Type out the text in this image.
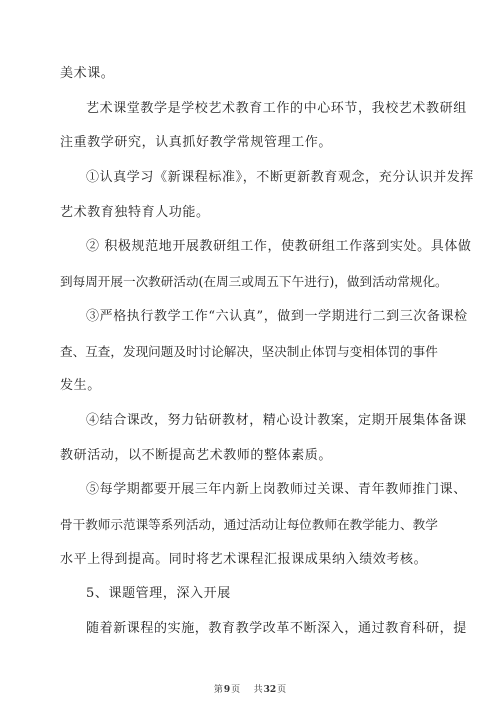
美术课。
艺术课堂教学是学校艺术教育工作的中心环节，我校艺术教研组
注重教学研究，认真抓好教学常规管理工作。
①认真学习《新课程标准》，不断更新教育观念，充分认识并发挥
艺术教育独特育人功能。
② 积极规范地开展教研组工作，使教研组工作落到实处。具体做
到每周开展一次教研活动(在周三或周五下午进行)，做到活动常规化。
③严格执行教学工作“六认真”，做到一学期进行二到三次备课检
查、互查，发现问题及时讨论解决，坚决制止体罚与变相体罚的事件
发生。
④结合课改，努力钻研教材，精心设计教案，定期开展集体备课
教研活动，以不断提高艺术教师的整体素质。
⑤每学期都要开展三年内新上岗教师过关课、青年教师推门课、
骨干教师示范课等系列活动，通过活动让每位教师在教学能力、教学
水平上得到提高。同时将艺术课程汇报课成果纳入绩效考核。
5、课题管理，深入开展
随着新课程的实施，教育教学改革不断深入，通过教育科研，提
第9页 共32页
